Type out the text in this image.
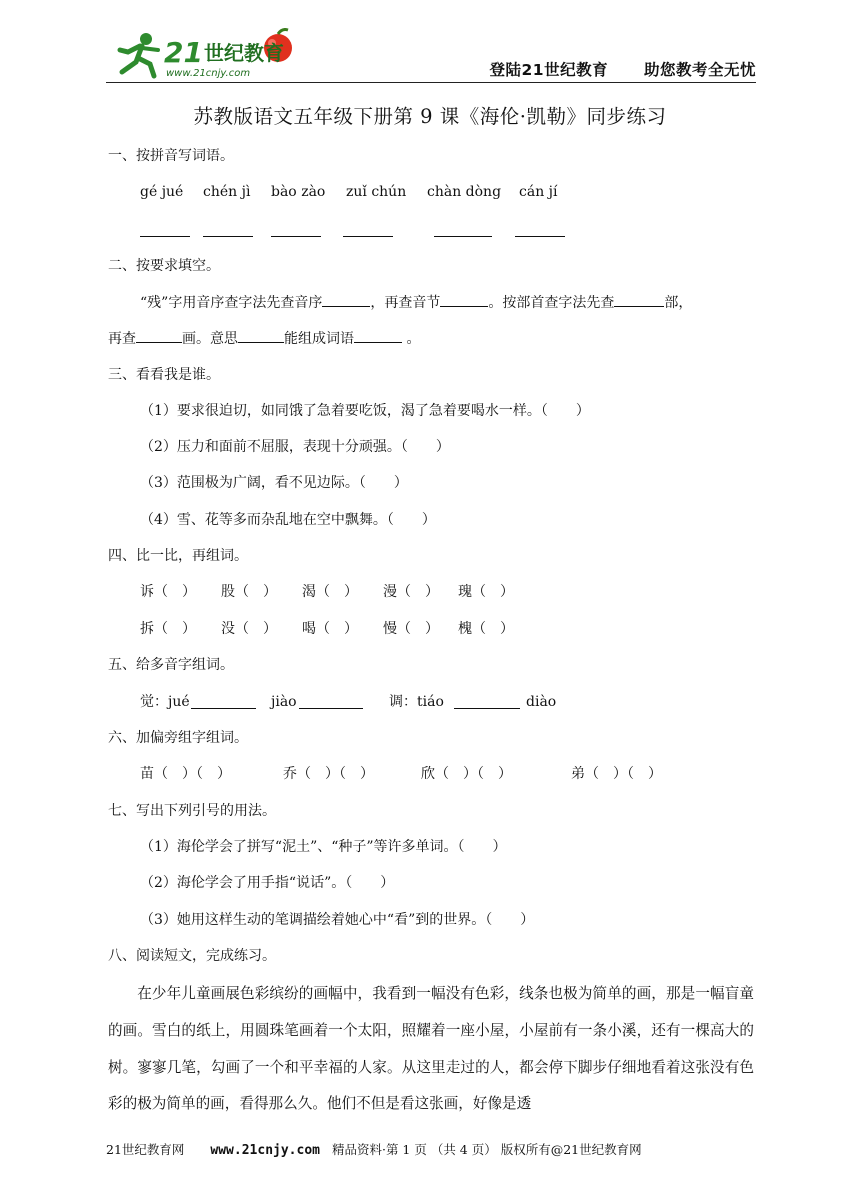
21 世纪教育
www.21cnjy.com	登陆21世纪教育 助您教考全无忧
苏教版语文五年级下册第 9 课《海伦·凯勒》同步练习
一、按拼音写词语。
gé jué chén jì bào zào zuǐ chún chàn dòng cán jí
二、按要求填空。
“残”字用音序查字法先查音序	，再查音节	。按部首查字法先查	部，
再查	画。意思	能组成词语	。
三、看看我是谁。
（1）要求很迫切，如同饿了急着要吃饭，渴了急着要喝水一样。（　　）
（2）压力和面前不屈服，表现十分顽强。（　　）
（3）范围极为广阔，看不见边际。（　　）
（4）雪、花等多而杂乱地在空中飘舞。（　　）
四、比一比，再组词。
诉（　） 股（　） 渴（　） 漫（　） 瑰（　）
拆（　） 没（　） 喝（　） 慢（　） 槐（　）
五、给多音字组词。
觉：jué	jiào	调：tiáo	diào
六、加偏旁组字组词。
苗（　）（　）	乔（　）（　）	欣（　）（　）	弟（　）（　）
七、写出下列引号的用法。
（1）海伦学会了拼写“泥土”、“种子”等许多单词。（　　）
（2）海伦学会了用手指“说话”。（　　）
（3）她用这样生动的笔调描绘着她心中“看”到的世界。（　　）
八、阅读短文，完成练习。
在少年儿童画展色彩缤纷的画幅中，我看到一幅没有色彩，线条也极为简单的画，那是一幅盲童的画。雪白的纸上，用圆珠笔画着一个太阳，照耀着一座小屋，小屋前有一条小溪，还有一棵高大的树。寥寥几笔，勾画了一个和平幸福的人家。从这里走过的人，都会停下脚步仔细地看着这张没有色彩的极为简单的画，看得那么久。他们不但是看这张画，好像是透
21世纪教育网 www.21cnjy.com 精品资料·第 1 页 （共 4 页） 版权所有@21世纪教育网
